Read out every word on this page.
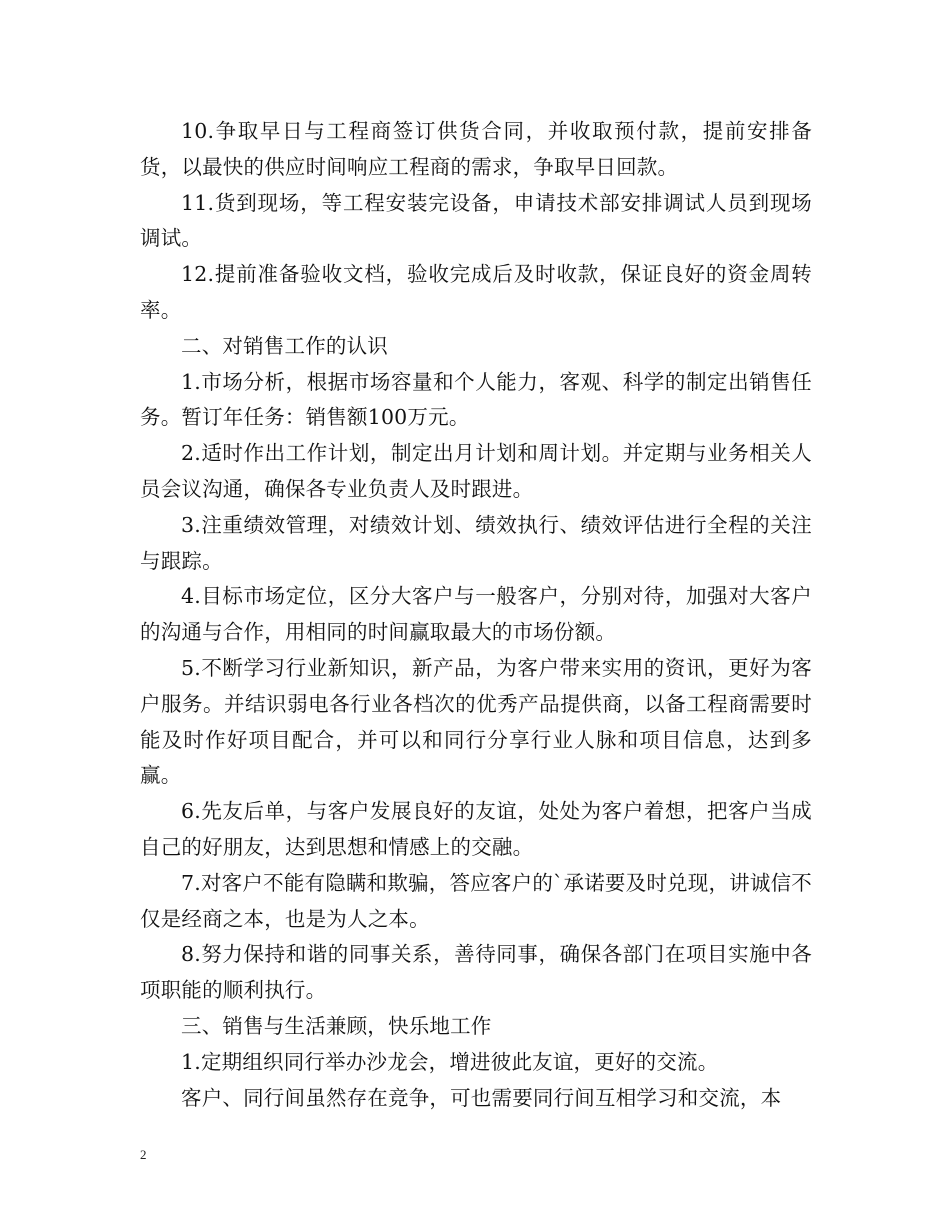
10.争取早日与工程商签订供货合同，并收取预付款，提前安排备货，以最快的供应时间响应工程商的需求，争取早日回款。

11.货到现场，等工程安装完设备，申请技术部安排调试人员到现场调试。

12.提前准备验收文档，验收完成后及时收款，保证良好的资金周转率。

二、对销售工作的认识

1.市场分析，根据市场容量和个人能力，客观、科学的制定出销售任务。暂订年任务：销售额100万元。

2.适时作出工作计划，制定出月计划和周计划。并定期与业务相关人员会议沟通，确保各专业负责人及时跟进。

3.注重绩效管理，对绩效计划、绩效执行、绩效评估进行全程的关注与跟踪。

4.目标市场定位，区分大客户与一般客户，分别对待，加强对大客户的沟通与合作，用相同的时间赢取最大的市场份额。

5.不断学习行业新知识，新产品，为客户带来实用的资讯，更好为客户服务。并结识弱电各行业各档次的优秀产品提供商，以备工程商需要时能及时作好项目配合，并可以和同行分享行业人脉和项目信息，达到多赢。

6.先友后单，与客户发展良好的友谊，处处为客户着想，把客户当成自己的好朋友，达到思想和情感上的交融。

7.对客户不能有隐瞒和欺骗，答应客户的`承诺要及时兑现，讲诚信不仅是经商之本，也是为人之本。

8.努力保持和谐的同事关系，善待同事，确保各部门在项目实施中各项职能的顺利执行。

三、销售与生活兼顾，快乐地工作

1.定期组织同行举办沙龙会，增进彼此友谊，更好的交流。

客户、同行间虽然存在竞争，可也需要同行间互相学习和交流，本

2
